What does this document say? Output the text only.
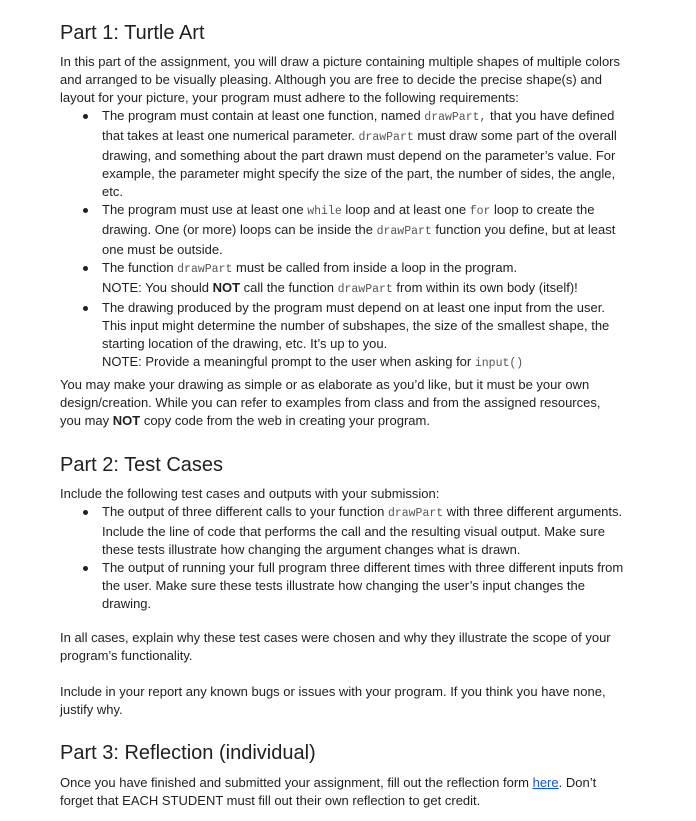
Part 1: Turtle Art
In this part of the assignment, you will draw a picture containing multiple shapes of multiple colors and arranged to be visually pleasing. Although you are free to decide the precise shape(s) and layout for your picture, your program must adhere to the following requirements:
The program must contain at least one function, named drawPart, that you have defined that takes at least one numerical parameter. drawPart must draw some part of the overall drawing, and something about the part drawn must depend on the parameter’s value. For example, the parameter might specify the size of the part, the number of sides, the angle, etc.
The program must use at least one while loop and at least one for loop to create the drawing. One (or more) loops can be inside the drawPart function you define, but at least one must be outside.
The function drawPart must be called from inside a loop in the program.
NOTE: You should NOT call the function drawPart from within its own body (itself)!
The drawing produced by the program must depend on at least one input from the user. This input might determine the number of subshapes, the size of the smallest shape, the starting location of the drawing, etc. It’s up to you.
NOTE: Provide a meaningful prompt to the user when asking for input()
You may make your drawing as simple or as elaborate as you’d like, but it must be your own design/creation. While you can refer to examples from class and from the assigned resources, you may NOT copy code from the web in creating your program.
Part 2: Test Cases
Include the following test cases and outputs with your submission:
The output of three different calls to your function drawPart with three different arguments. Include the line of code that performs the call and the resulting visual output. Make sure these tests illustrate how changing the argument changes what is drawn.
The output of running your full program three different times with three different inputs from the user. Make sure these tests illustrate how changing the user’s input changes the drawing.
In all cases, explain why these test cases were chosen and why they illustrate the scope of your program’s functionality.
Include in your report any known bugs or issues with your program. If you think you have none, justify why.
Part 3: Reflection (individual)
Once you have finished and submitted your assignment, fill out the reflection form here. Don’t forget that EACH STUDENT must fill out their own reflection to get credit.
